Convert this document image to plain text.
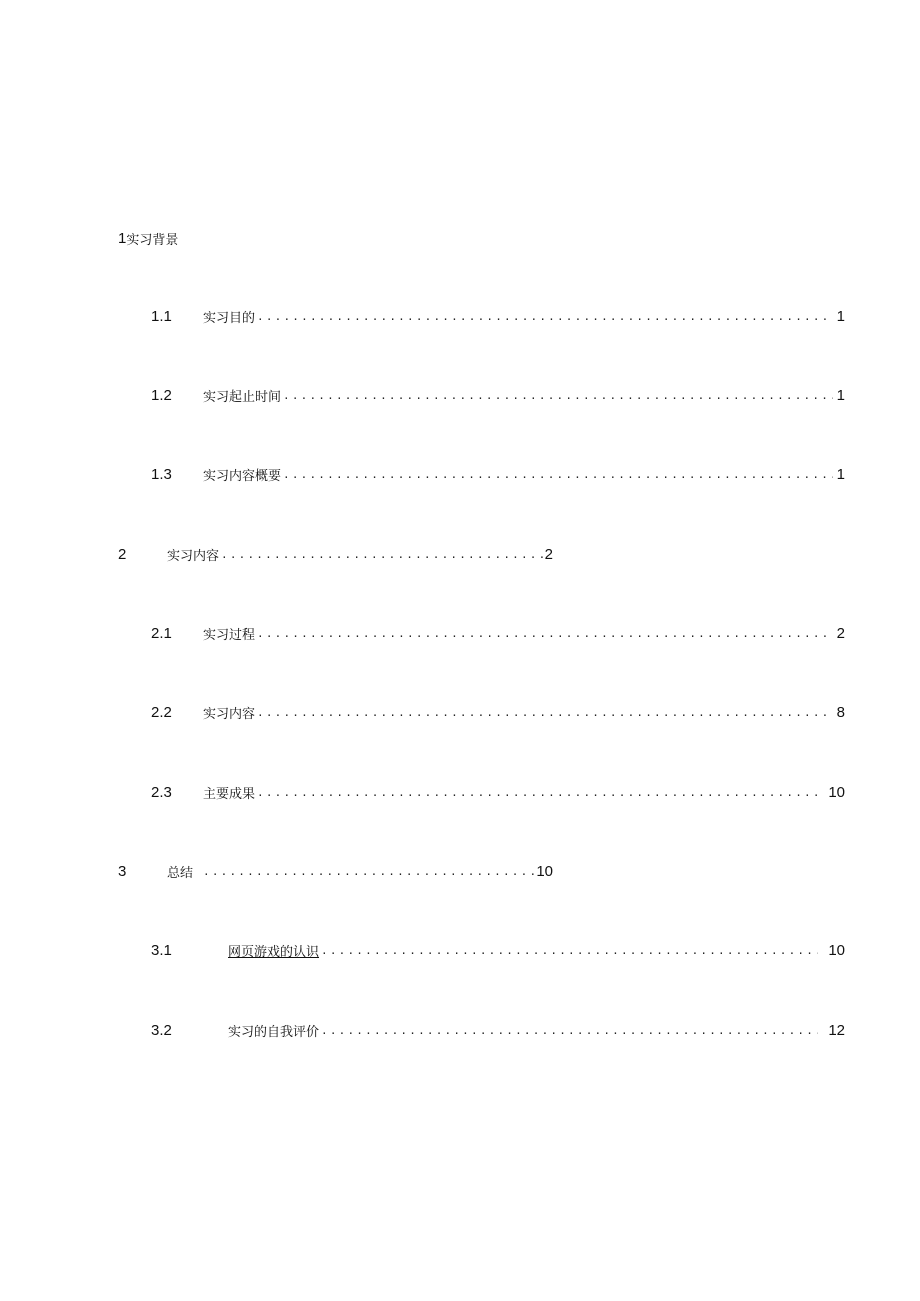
1 实习背景
1.1	实习目的 .....	1
1.2	实习起止时间 .....	1
1.3	实习内容概要 .....	1
2	实习内容 .....	2
2.1	实习过程 .....	2
2.2	实习内容 .....	8
2.3	主要成果 .....	10
3	总结 .....	10
3.1	网页游戏的认识 .....	10
3.2	实习的自我评价 .....	12
